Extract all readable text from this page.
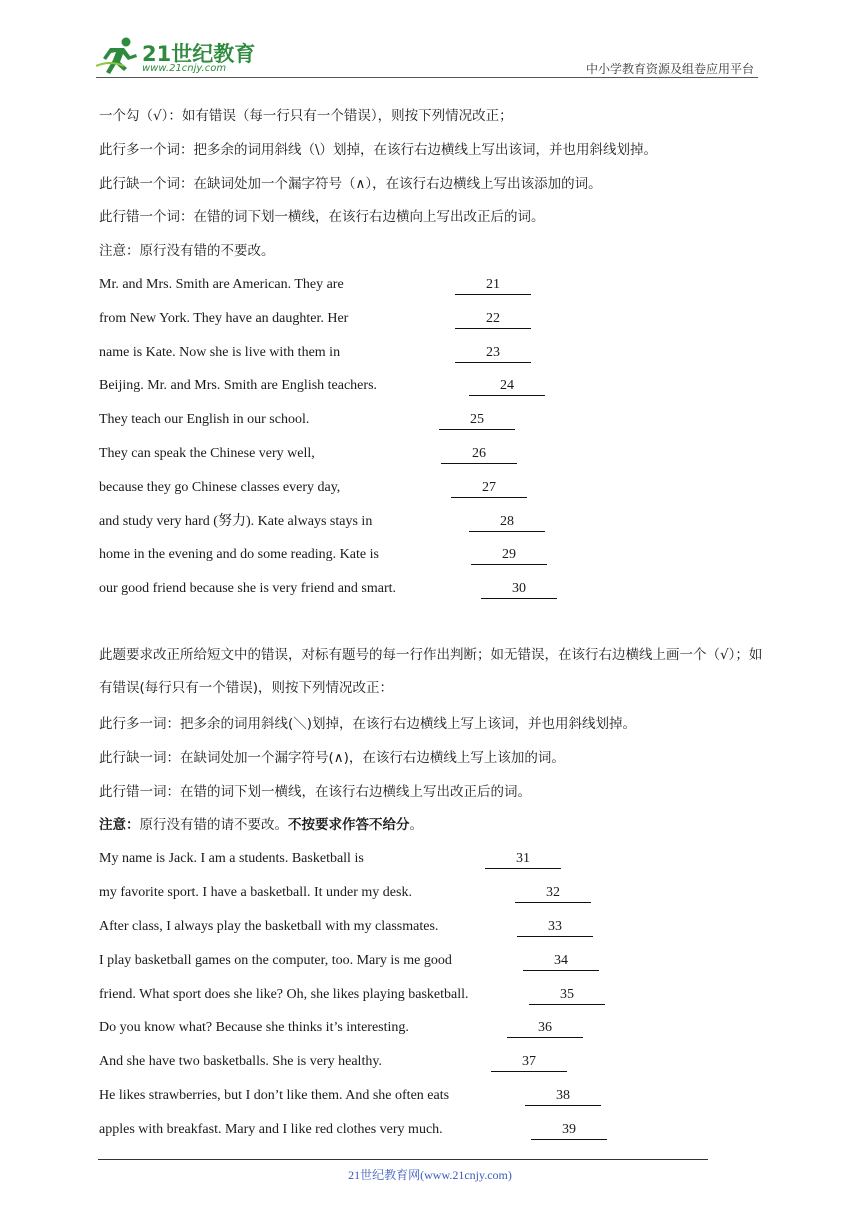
21世纪教育
www.21cnjy.com	中小学教育资源及组卷应用平台
一个勾（√）：如有错误（每一行只有一个错误），则按下列情况改正；
此行多一个词：把多余的词用斜线（\）划掉，在该行右边横线上写出该词，并也用斜线划掉。
此行缺一个词：在缺词处加一个漏字符号（∧），在该行右边横线上写出该添加的词。
此行错一个词：在错的词下划一横线，在该行右边横向上写出改正后的词。
注意：原行没有错的不要改。
Mr. and Mrs. Smith are American. They are	21
from New York. They have an daughter. Her	22
name is Kate. Now she is live with them in	23
Beijing. Mr. and Mrs. Smith are English teachers.	24
They teach our English in our school.	25
They can speak the Chinese very well,	26
because they go Chinese classes every day,	27
and study very hard (努力). Kate always stays in	28
home in the evening and do some reading. Kate is	29
our good friend because she is very friend and smart.	30
此题要求改正所给短文中的错误，对标有题号的每一行作出判断；如无错误，在该行右边横线上画一个（√）；如有错误(每行只有一个错误)，则按下列情况改正：
此行多一词：把多余的词用斜线(＼)划掉，在该行右边横线上写上该词，并也用斜线划掉。
此行缺一词：在缺词处加一个漏字符号(∧)，在该行右边横线上写上该加的词。
此行错一词：在错的词下划一横线，在该行右边横线上写出改正后的词。
注意：原行没有错的请不要改。不按要求作答不给分。
My name is Jack. I am a students. Basketball is	31
my favorite sport. I have a basketball. It under my desk.	32
After class, I always play the basketball with my classmates.	33
I play basketball games on the computer, too. Mary is me good	34
friend. What sport does she like? Oh, she likes playing basketball.	35
Do you know what? Because she thinks it’s interesting.	36
And she have two basketballs. She is very healthy.	37
He likes strawberries, but I don’t like them. And she often eats	38
apples with breakfast. Mary and I like red clothes very much.	39
21世纪教育网(www.21cnjy.com)
